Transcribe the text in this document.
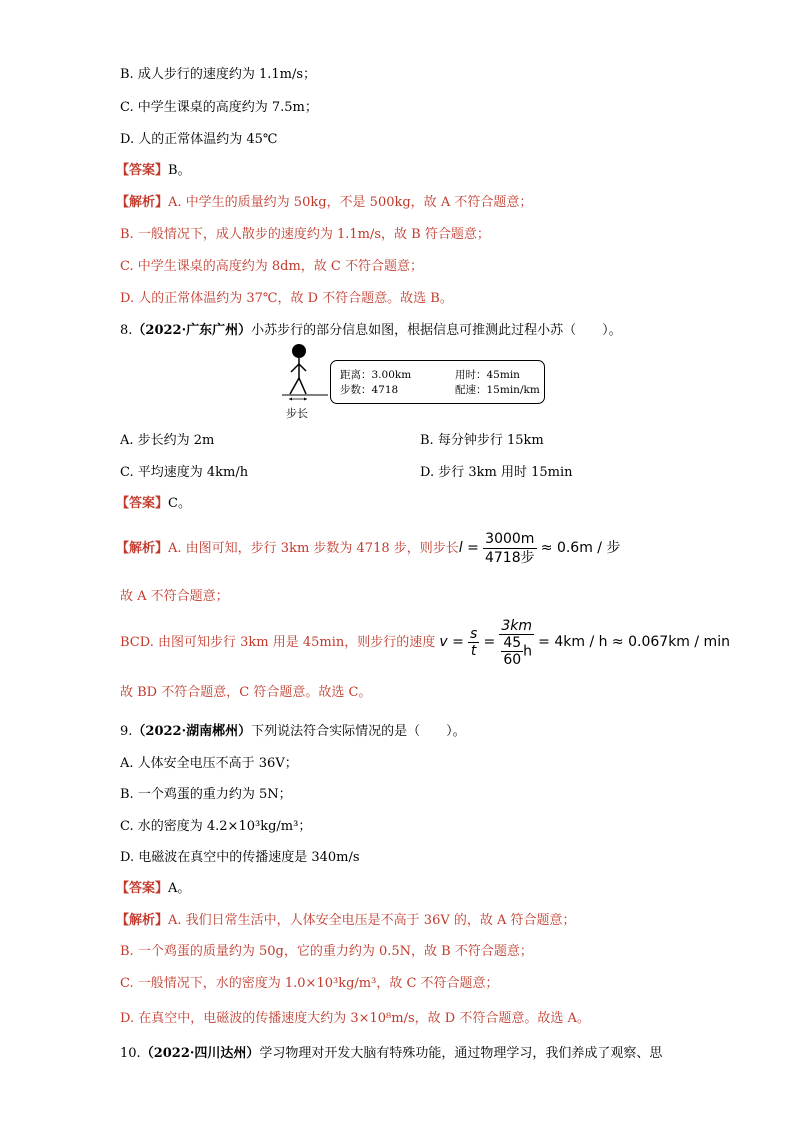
B. 成人步行的速度约为 1.1m/s；
C. 中学生课桌的高度约为 7.5m；
D. 人的正常体温约为 45℃
【答案】B。
【解析】A. 中学生的质量约为 50kg，不是 500kg，故 A 不符合题意；
B. 一般情况下，成人散步的速度约为 1.1m/s，故 B 符合题意；
C. 中学生课桌的高度约为 8dm，故 C 不符合题意；
D. 人的正常体温约为 37℃，故 D 不符合题意。故选 B。
8.（2022·广东广州）小苏步行的部分信息如图，根据信息可推测此过程小苏（　　）。
步长
距离：3.00km
步数：4718
用时：45min
配速：15min/km
A. 步长约为 2m	B. 每分钟步行 15km
C. 平均速度为 4km/h	D. 步行 3km 用时 15min
【答案】C。
【解析】A. 由图可知，步行 3km 步数为 4718 步，则步长$l = \frac{3000m}{\text{4718步}} \approx 0.6m$ / 步
故 A 不符合题意；
BCD. 由图可知步行 3km 用是 45min，则步行的速度 $v = \frac{s}{t} = \frac{3km}{\frac{45}{60} h} = 4km / h \approx 0.067km / \min$
故 BD 不符合题意，C 符合题意。故选 C。
9.（2022·湖南郴州）下列说法符合实际情况的是（　　）。
A. 人体安全电压不高于 36V；
B. 一个鸡蛋的重力约为 5N；
C. 水的密度为 4.2×10³kg/m³；
D. 电磁波在真空中的传播速度是 340m/s
【答案】A。
【解析】A. 我们日常生活中，人体安全电压是不高于 36V 的，故 A 符合题意；
B. 一个鸡蛋的质量约为 50g，它的重力约为 0.5N，故 B 不符合题意；
C. 一般情况下，水的密度为 1.0×10³kg/m³，故 C 不符合题意；
D. 在真空中，电磁波的传播速度大约为 3×10⁸m/s，故 D 不符合题意。故选 A。
10.（2022·四川达州）学习物理对开发大脑有特殊功能，通过物理学习，我们养成了观察、思
